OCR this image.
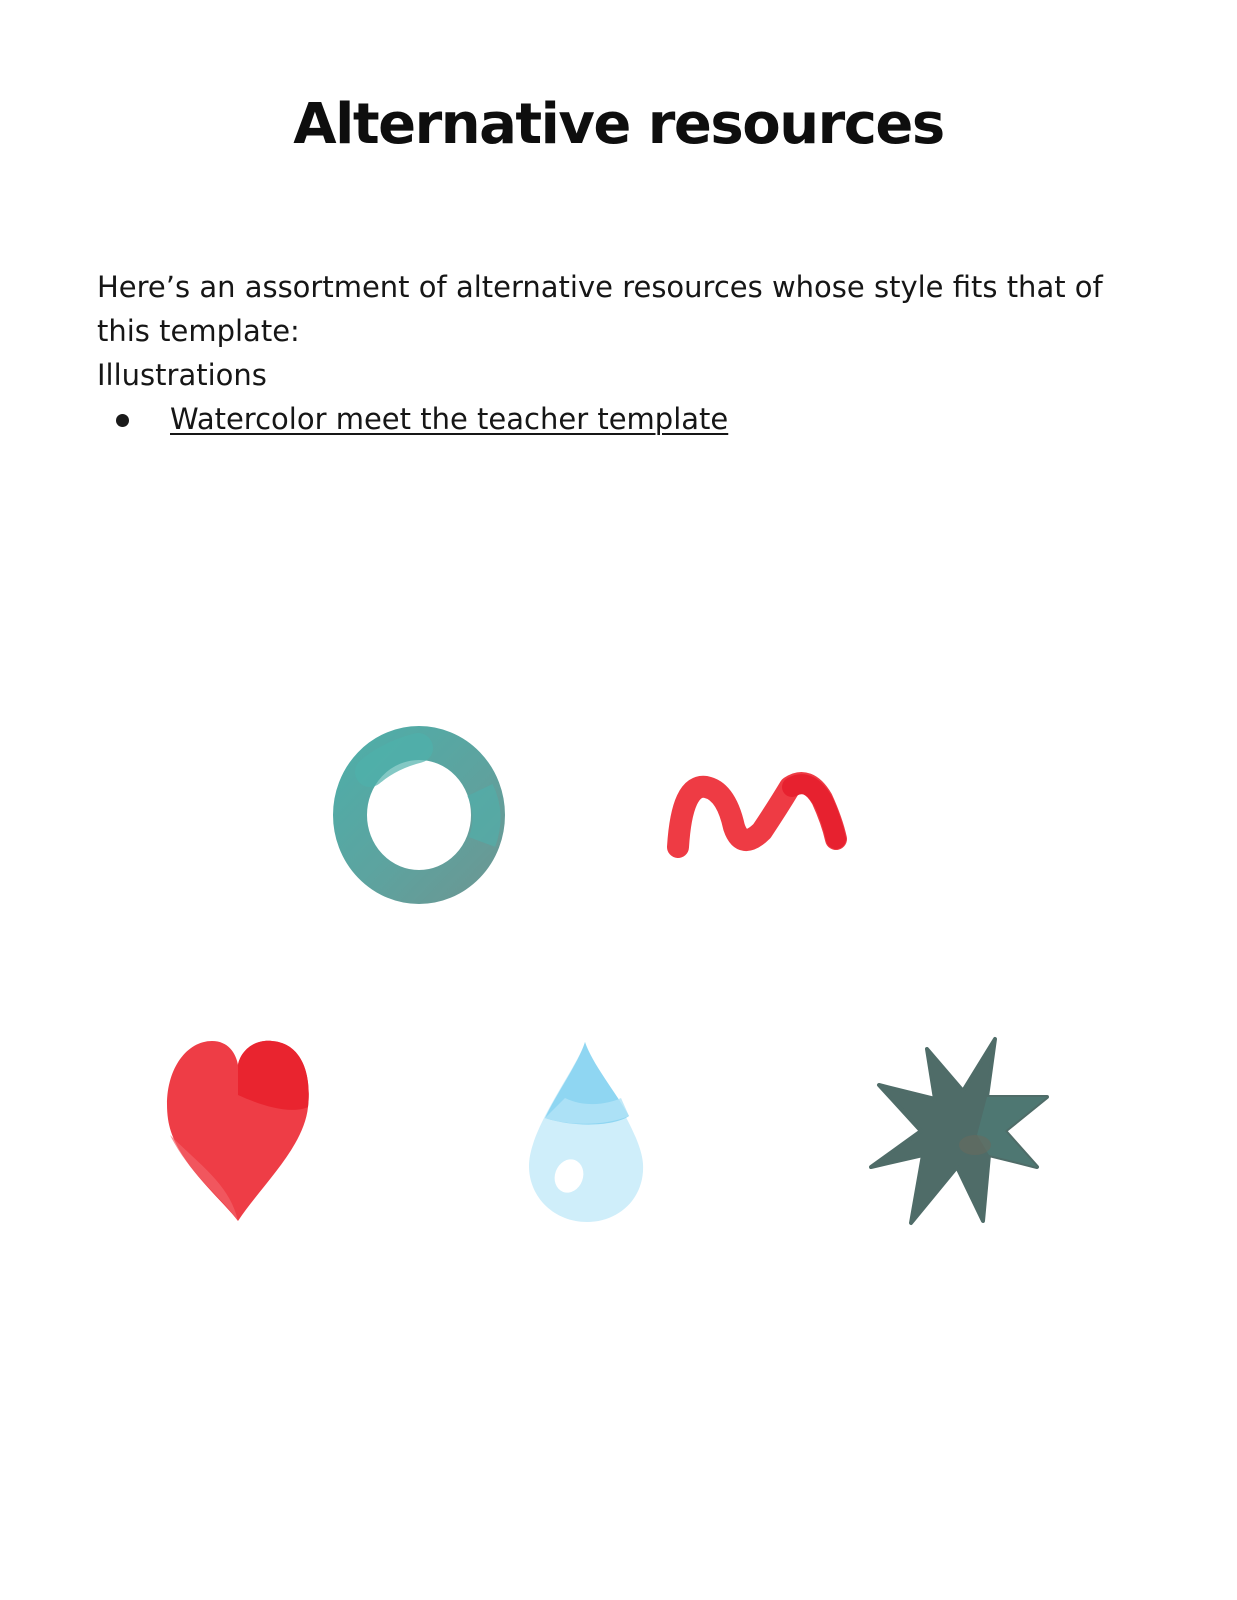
Alternative resources

Here’s an assortment of alternative resources whose style fits that of this template:

Illustrations

Watercolor meet the teacher template
